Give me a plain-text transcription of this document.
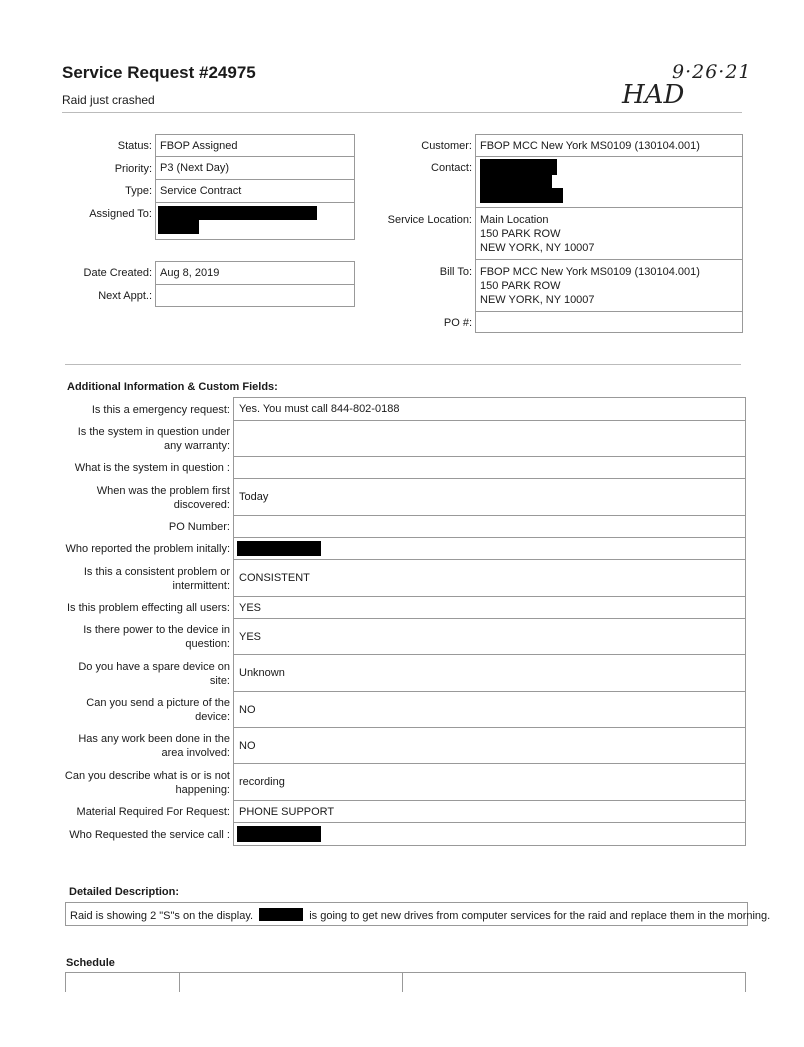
Service Request #24975
Raid just crashed
9·26·21
HAD
Status: FBOP Assigned
Priority: P3 (Next Day)
Type: Service Contract
Assigned To:
Date Created: Aug 8, 2019
Next Appt.:
Customer: FBOP MCC New York MS0109 (130104.001)
Contact:
Service Location: Main Location
150 PARK ROW
NEW YORK, NY 10007
Bill To: FBOP MCC New York MS0109 (130104.001)
150 PARK ROW
NEW YORK, NY 10007
PO #:
Additional Information & Custom Fields:
Is this a emergency request: Yes. You must call 844-802-0188
Is the system in question under any warranty:
What is the system in question :
When was the problem first discovered:
Today
PO Number:
Who reported the problem initally:
Is this a consistent problem or intermittent:
CONSISTENT
Is this problem effecting all users: YES
Is there power to the device in question:
YES
Do you have a spare device on site:
Unknown
Can you send a picture of the device:
NO
Has any work been done in the area involved:
NO
Can you describe what is or is not happening:
recording
Material Required For Request: PHONE SUPPORT
Who Requested the service call :
Detailed Description:
Raid is showing 2 "S"s on the display.	is going to get new drives from computer services for the raid and replace them in the morning.
Schedule
